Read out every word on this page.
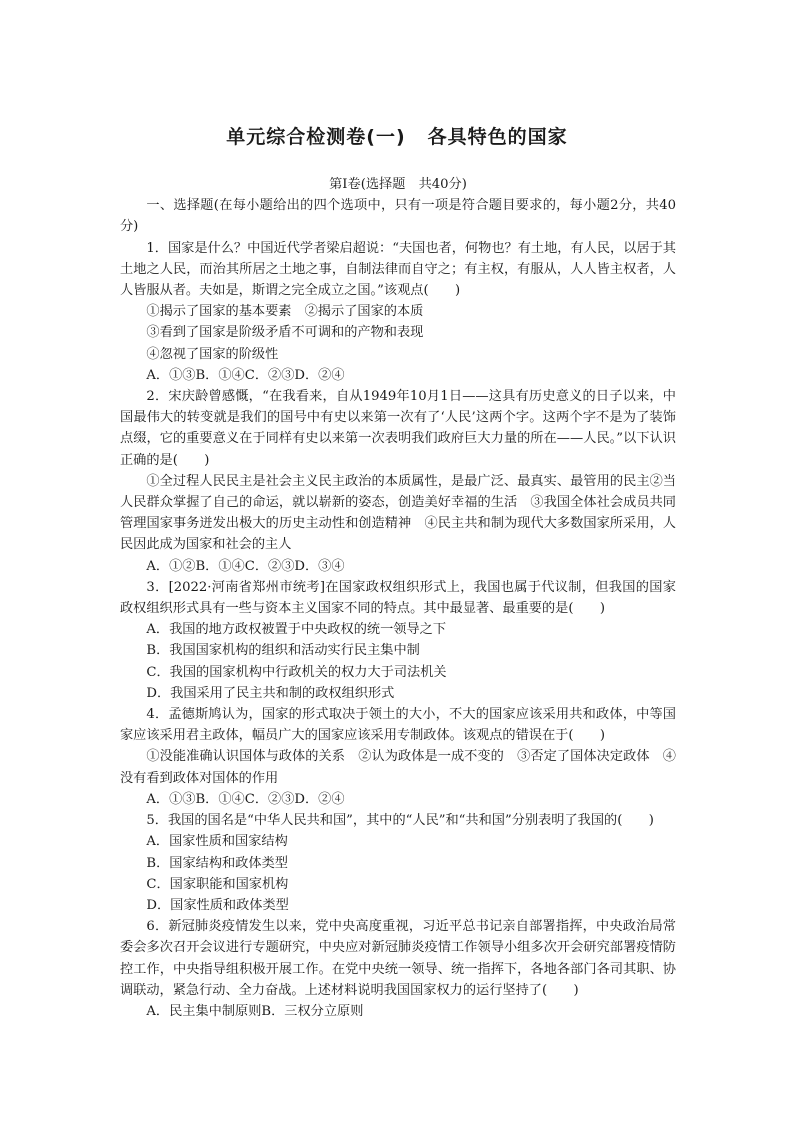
单元综合检测卷(一) 各具特色的国家

第Ⅰ卷(选择题　共40分)

一、选择题(在每小题给出的四个选项中，只有一项是符合题目要求的，每小题2分，共40分)

1．国家是什么？中国近代学者梁启超说：“夫国也者，何物也？有土地，有人民，以居于其土地之人民，而治其所居之土地之事，自制法律而自守之；有主权，有服从，人人皆主权者，人人皆服从者。夫如是，斯谓之完全成立之国。”该观点(　　)

①揭示了国家的基本要素　②揭示了国家的本质

③看到了国家是阶级矛盾不可调和的产物和表现

④忽视了国家的阶级性

A．①③B．①④C．②③D．②④

2．宋庆龄曾感慨，“在我看来，自从1949年10月1日——这具有历史意义的日子以来，中国最伟大的转变就是我们的国号中有史以来第一次有了‘人民’这两个字。这两个字不是为了装饰点缀，它的重要意义在于同样有史以来第一次表明我们政府巨大力量的所在——人民。”以下认识正确的是(　　)

①全过程人民民主是社会主义民主政治的本质属性，是最广泛、最真实、最管用的民主②当人民群众掌握了自己的命运，就以崭新的姿态，创造美好幸福的生活　③我国全体社会成员共同管理国家事务迸发出极大的历史主动性和创造精神　④民主共和制为现代大多数国家所采用，人民因此成为国家和社会的主人

A．①②B．①④C．②③D．③④

3．[2022·河南省郑州市统考]在国家政权组织形式上，我国也属于代议制，但我国的国家政权组织形式具有一些与资本主义国家不同的特点。其中最显著、最重要的是(　　)

A．我国的地方政权被置于中央政权的统一领导之下

B．我国国家机构的组织和活动实行民主集中制

C．我国的国家机构中行政机关的权力大于司法机关

D．我国采用了民主共和制的政权组织形式

4．孟德斯鸠认为，国家的形式取决于领土的大小，不大的国家应该采用共和政体，中等国家应该采用君主政体，幅员广大的国家应该采用专制政体。该观点的错误在于(　　)

①没能准确认识国体与政体的关系　②认为政体是一成不变的　③否定了国体决定政体　④没有看到政体对国体的作用

A．①③B．①④C．②③D．②④

5．我国的国名是“中华人民共和国”，其中的“人民”和“共和国”分别表明了我国的(　　)

A．国家性质和国家结构

B．国家结构和政体类型

C．国家职能和国家机构

D．国家性质和政体类型

6．新冠肺炎疫情发生以来，党中央高度重视，习近平总书记亲自部署指挥，中央政治局常委会多次召开会议进行专题研究，中央应对新冠肺炎疫情工作领导小组多次开会研究部署疫情防控工作，中央指导组积极开展工作。在党中央统一领导、统一指挥下，各地各部门各司其职、协调联动，紧急行动、全力奋战。上述材料说明我国国家权力的运行坚持了(　　)

A．民主集中制原则B．三权分立原则
